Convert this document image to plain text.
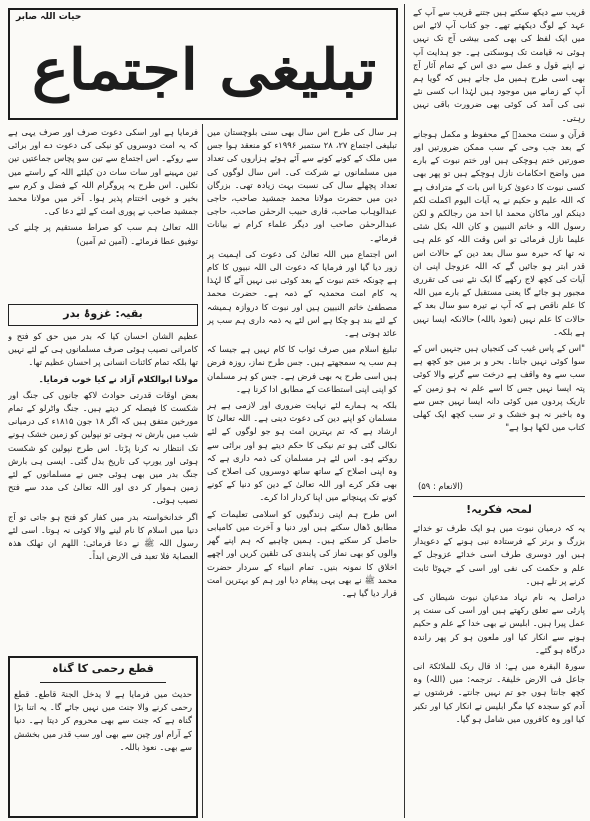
قریب سے دیکھ سکتے ہیں جتنے قریب سے آپ کے عہد کے لوگ دیکھتے تھے۔ جو کتاب آپ لائے اس میں ایک لفظ کی بھی کمی بیشی آج تک نہیں ہوئی نہ قیامت تک ہوسکتی ہے۔ جو ہدایت آپ نے اپنے قول و عمل سے دی اس کے تمام آثار آج بھی اسی طرح ہمیں مل جاتے ہیں کہ گویا ہم آپ کے زمانے میں موجود ہیں لہٰذا اب کسی نئے نبی کی آمد کی کوئی بھی ضرورت باقی نہیں رہتی۔

قرآن و سنت محمدؐ کے محفوظ و مکمل ہوجانے کے بعد جب وحی کے سب ممکن ضرورتیں اور صورتیں ختم ہوچکی ہیں اور ختم نبوت کے بارے میں واضح احکامات نازل ہوچکے ہیں تو پھر بھی کسی نبوت کا دعویٰ کرنا اس بات کے مترادف ہے کہ اللہ علیم و حکیم نے یہ آیات الیوم اکملت لکم دینکم اور ماکان محمد ابا احد من رجالکم و لکن رسول اللہ و خاتم النبیین و کان اللہ بکل شئی علیما نازل فرمائی تو اس وقت اللہ کو علم ہی نہ تھا کہ حیرہ سو سال بعد دین کے حالات اس قدر ابتر ہو جائیں گے کہ اللہ عزوجل اپنی ان آیات کی کچھ لاج رکھے گا ایک نئے نبی کی تقرری مجبور ہو جائے گا یعنی مستقبل کے بارے میں اللہ کا علم ناقص ہے کہ آپ نے تیرہ سو سال بعد کے حالات کا علم نہیں (نعوذ باللہ) حالانکہ ایسا نہیں ہے بلکہ۔

"اس کے پاس غیب کی کنجیاں ہیں جنہیں اس کے سوا کوئی نہیں جانتا۔ بحر و بر میں جو کچھ ہے سب سے وہ واقف ہے درخت سے گرنے والا کوئی پتہ ایسا نہیں جس کا اسے علم نہ ہو زمین کے تاریک پردوں میں کوئی دانہ ایسا نہیں جس سے وہ باخبر نہ ہو خشک و تر سب کچھ ایک کھلی کتاب میں لکھا ہوا ہے"

(الانعام : ۵۹)
لمحہ فکریہ!

یہ کہ درمیان نبوت میں ہو ایک طرف تو خدائے بزرگ و برتر کے فرستادہ نبی ہونے کے دعویدار ہیں اور دوسری طرف اسی خدائے عزوجل کے علم و حکمت کی نفی اور اسی کے جہوٹا ثابت کرنے پر تلے ہیں۔

دراصل یہ نام نہاد مدعیان نبوت شیطان کی پارٹی سے تعلق رکھتے ہیں اور اسی کی سنت پر عمل پیرا ہیں۔ ابلیس نے بھی خدا کے علم و حکیم ہونے سے انکار کیا اور ملعون ہو کر پھر راندہ درگاہ ہو گئے۔

سورۃ البقرہ میں ہے: اذ قال ربک للملائکۃ انی جاعل فی الارض خلیفۃ۔ ترجمہ: میں (اللہ) وہ کچھ جانتا ہوں جو تم نہیں جانتے۔ فرشتوں نے آدم کو سجدہ کیا مگر ابلیس نے انکار کیا اور تکبر کیا اور وہ کافروں میں شامل ہو گیا۔

حیات اللہ صابر
تبلیغی اجتماع

ہر سال کی طرح اس سال بھی سنی بلوچستان میں تبلیغی اجتماع ۲۷، ۲۸ ستمبر ۱۹۹۶ء کو منعقد ہوا جس میں ملک کے کونے کونے سے آئے ہوئے ہزاروں کی تعداد میں مسلمانوں نے شرکت کی۔ اس سال لوگوں کی تعداد پچھلے سال کی نسبت بہت زیادہ تھی۔ بزرگان دین میں حضرت مولانا محمد جمشید صاحب، حاجی عبدالوہاب صاحب، قاری حبیب الرحمٰن صاحب، حاجی عبدالرحمٰن صاحب اور دیگر علماء کرام نے بیانات فرمائے۔

اس اجتماع میں اللہ تعالیٰ کی دعوت کی اہمیت پر زور دیا گیا اور فرمایا کہ دعوت الی اللہ نبیوں کا کام ہے چونکہ ختم نبوت کے بعد کوئی نبی نہیں آئے گا لہٰذا یہ کام امت محمدیہ کے ذمہ ہے۔ حضرت محمد مصطفیٰ خاتم النبیین ہیں اور نبوت کا دروازہ ہمیشہ کے لئے بند ہو چکا ہے اس لئے یہ ذمہ داری ہم سب پر عائد ہوتی ہے۔

تبلیغ اسلام میں صرف ثواب کا کام نہیں ہے جیسا کہ ہم سب یہ سمجھتے ہیں۔ جس طرح نماز، روزہ فرض ہیں اسی طرح یہ بھی فرض ہے۔ جس کو ہر مسلمان کو اپنی اپنی استطاعت کے مطابق ادا کرنا ہے۔

بلکہ یہ ہمارے لئے نہایت ضروری اور لازمی ہے ہر مسلمان کو اپنے دین کی دعوت دینی ہے۔ اللہ تعالیٰ کا ارشاد ہے کہ تم بہترین امت ہو جو لوگوں کے لئے نکالی گئی ہو تم نیکی کا حکم دیتے ہو اور برائی سے روکتے ہو۔ اس لئے ہر مسلمان کی ذمہ داری ہے کہ وہ اپنی اصلاح کے ساتھ ساتھ دوسروں کی اصلاح کی بھی فکر کرے اور اللہ تعالیٰ کے دین کو دنیا کے کونے کونے تک پہنچانے میں اپنا کردار ادا کرے۔

اس طرح ہم اپنی زندگیوں کو اسلامی تعلیمات کے مطابق ڈھال سکتے ہیں اور دنیا و آخرت میں کامیابی حاصل کر سکتے ہیں۔ ہمیں چاہیے کہ ہم اپنے گھر والوں کو بھی نماز کی پابندی کی تلقین کریں اور اچھے اخلاق کا نمونہ بنیں۔ تمام انبیاء کے سردار حضرت محمد ﷺ نے بھی یہی پیغام دیا اور ہم کو بہترین امت قرار دیا گیا ہے۔

فرمایا ہے اور اسکی دعوت صرف اور صرف یہی ہے کہ یہ امت دوسروں کو نیکی کی دعوت دے اور برائی سے روکے۔ اس اجتماع سے تین سو پچاس جماعتیں تین تین مہینے اور سات سات دن کیلئے اللہ کے راستے میں نکلیں۔ اس طرح یہ پروگرام اللہ کے فضل و کرم سے بخیر و خوبی اختتام پذیر ہوا۔ آخر میں مولانا محمد جمشید صاحب نے پوری امت کے لئے دعا کی۔

اللہ تعالیٰ ہم سب کو صراط مستقیم پر چلنے کی توفیق عطا فرمائے۔ (آمین ثم آمین)

بقیہ: غزوۂ بدر

عظیم الشان احسان کیا کہ بدر میں حق کو فتح و کامرانی نصیب ہوئی صرف مسلمانوں ہی کے لئے نہیں تھا بلکہ تمام کائنات انسانی پر احسان عظیم تھا۔

مولانا ابوالکلام آزاد نے کیا خوب فرمایا۔

بعض اوقات قدرتی حوادث لاکھ جانوں کی جنگ اور شکست کا فیصلہ کر دیتے ہیں۔ جنگ واٹرلو کے تمام مورخین متفق ہیں کہ اگر ۱۸ جون ۱۸۱۵ء کی درمیانی شب میں بارش نہ ہوتی تو نپولین کو زمین خشک ہونے تک انتظار نہ کرنا پڑتا۔ اس طرح نپولین کو شکست ہوئی اور یورپ کی تاریخ بدل گئی۔ ایسی ہی بارش جنگ بدر میں بھی ہوئی جس نے مسلمانوں کے لئے زمین ہموار کر دی اور اللہ تعالیٰ کی مدد سے فتح نصیب ہوئی۔

اگر خدانخواستہ بدر میں کفار کو فتح ہو جاتی تو آج دنیا میں اسلام کا نام لینے والا کوئی نہ ہوتا۔ اسی لئے رسول اللہ ﷺ نے دعا فرمائی: اللھم ان تھلک ھذہ العصابۃ فلا تعبد فی الارض ابداً۔

قطع رحمی کا گناہ

حدیث میں فرمایا ہے لا یدخل الجنۃ قاطع۔ قطع رحمی کرنے والا جنت میں نہیں جائے گا۔ یہ اتنا بڑا گناہ ہے کہ جنت سے بھی محروم کر دیتا ہے۔ دنیا کے آرام اور چین سے بھی اور سب قدر میں بخشش سے بھی۔ نعوذ باللہ۔
